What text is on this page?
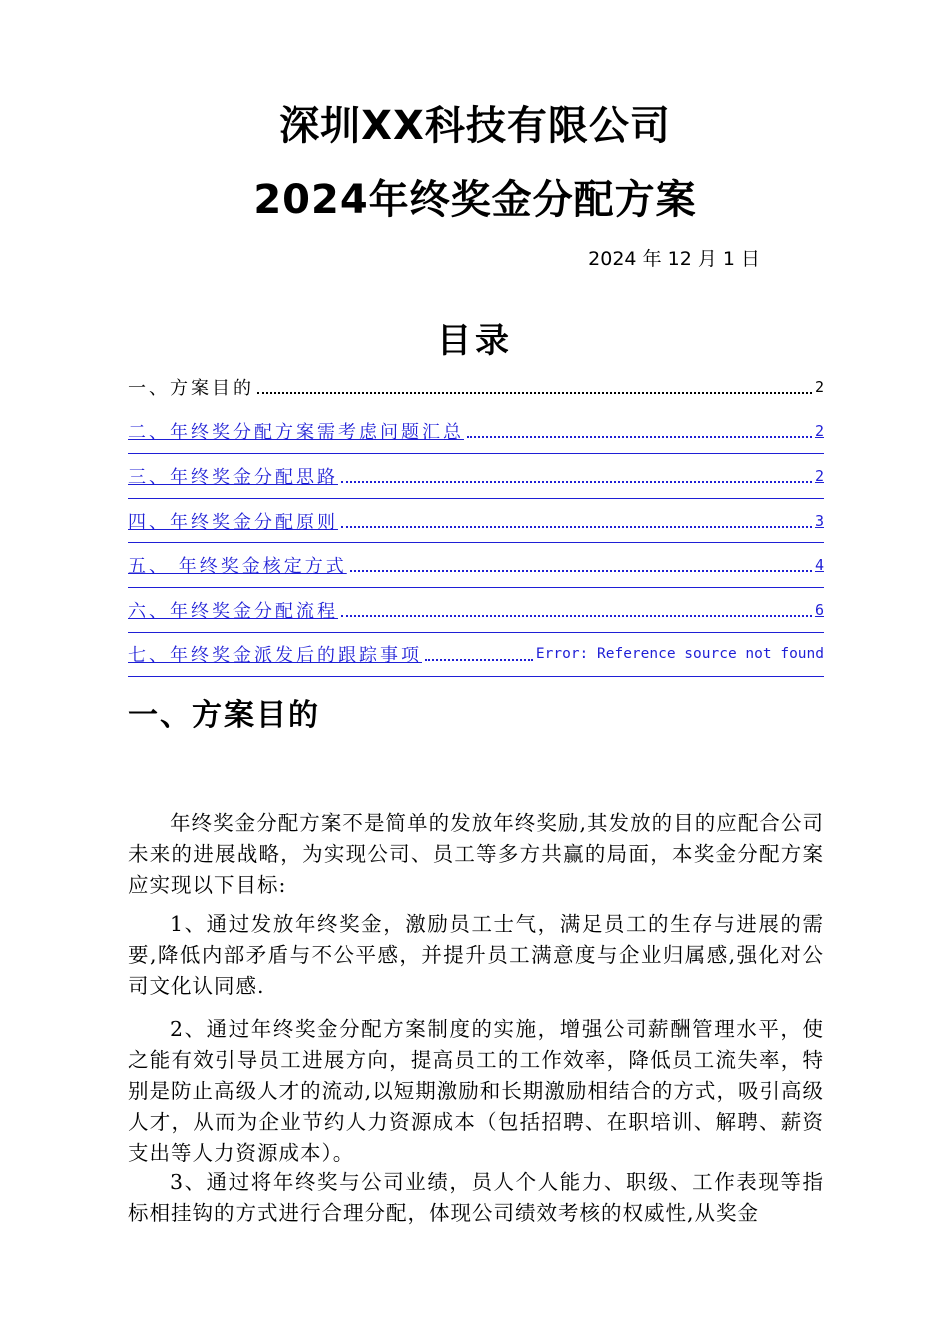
深圳XX科技有限公司
2024年终奖金分配方案
2024 年 12 月 1 日
目录
一、方案目的	2
二、年终奖分配方案需考虑问题汇总	2
三、年终奖金分配思路	2
四、年终奖金分配原则	3
五、 年终奖金核定方式	4
六、年终奖金分配流程	6
七、年终奖金派发后的跟踪事项	Error: Reference source not found
一、方案目的

年终奖金分配方案不是简单的发放年终奖励,其发放的目的应配合公司未来的进展战略，为实现公司、员工等多方共赢的局面，本奖金分配方案应实现以下目标:

1、通过发放年终奖金，激励员工士气，满足员工的生存与进展的需要,降低内部矛盾与不公平感，并提升员工满意度与企业归属感,强化对公司文化认同感.

2、通过年终奖金分配方案制度的实施，增强公司薪酬管理水平，使之能有效引导员工进展方向，提高员工的工作效率，降低员工流失率，特别是防止高级人才的流动,以短期激励和长期激励相结合的方式，吸引高级人才，从而为企业节约人力资源成本（包括招聘、在职培训、解聘、薪资支出等人力资源成本）。

3、通过将年终奖与公司业绩，员人个人能力、职级、工作表现等指标相挂钩的方式进行合理分配，体现公司绩效考核的权威性,从奖金
